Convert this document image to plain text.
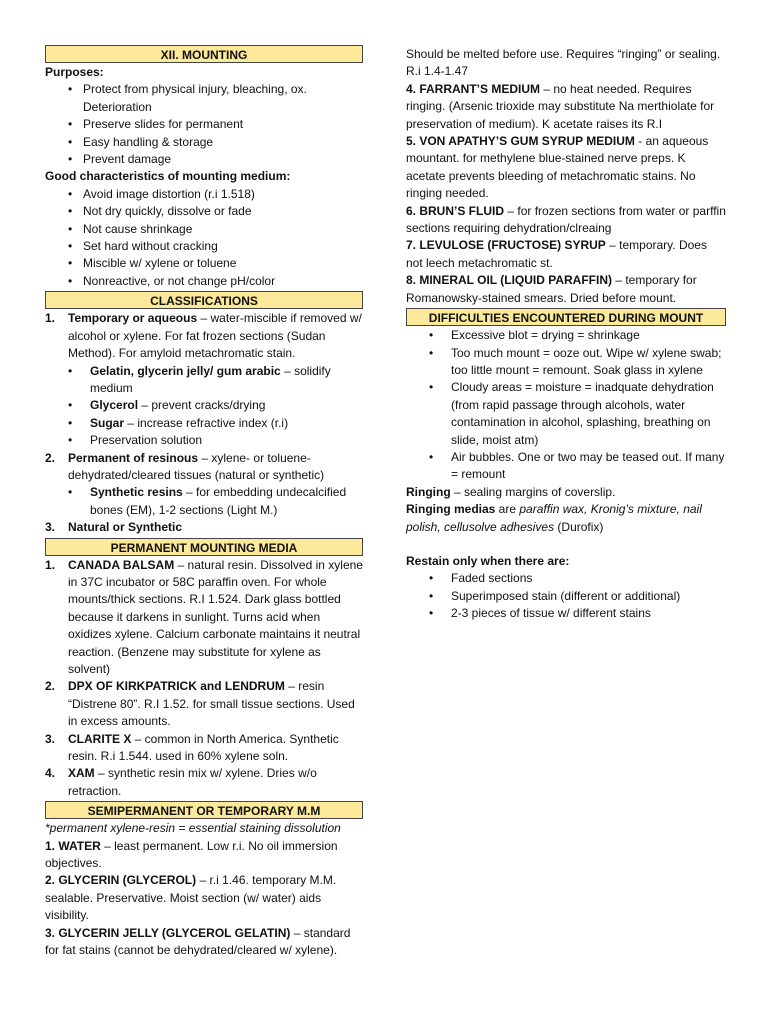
XII. MOUNTING

Purposes:

• Protect from physical injury, bleaching, ox. Deterioration
• Preserve slides for permanent
• Easy handling & storage
• Prevent damage

Good characteristics of mounting medium:

• Avoid image distortion (r.i 1.518)
• Not dry quickly, dissolve or fade
• Not cause shrinkage
• Set hard without cracking
• Miscible w/ xylene or toluene
• Nonreactive, or not change pH/color
CLASSIFICATIONS
1. Temporary or aqueous – water-miscible if removed w/ alcohol or xylene. For fat frozen sections (Sudan Method). For amyloid metachromatic stain.
• Gelatin, glycerin jelly/ gum arabic – solidify medium
• Glycerol – prevent cracks/drying
• Sugar – increase refractive index (r.i)
• Preservation solution
2. Permanent of resinous – xylene- or toluene-dehydrated/cleared tissues (natural or synthetic)
• Synthetic resins – for embedding undecalcified bones (EM), 1-2 sections (Light M.)
3. Natural or Synthetic
PERMANENT MOUNTING MEDIA
1. CANADA BALSAM – natural resin. Dissolved in xylene in 37C incubator or 58C paraffin oven. For whole mounts/thick sections. R.I 1.524. Dark glass bottled because it darkens in sunlight. Turns acid when oxidizes xylene. Calcium carbonate maintains it neutral reaction. (Benzene may substitute for xylene as solvent)
2. DPX OF KIRKPATRICK and LENDRUM – resin “Distrene 80”. R.I 1.52. for small tissue sections. Used in excess amounts.
3. CLARITE X – common in North America. Synthetic resin. R.i 1.544. used in 60% xylene soln.
4. XAM – synthetic resin mix w/ xylene. Dries w/o retraction.
SEMIPERMANENT OR TEMPORARY M.M

*permanent xylene-resin = essential staining dissolution

1. WATER – least permanent. Low r.i. No oil immersion objectives.

2. GLYCERIN (GLYCEROL) – r.i 1.46. temporary M.M. sealable. Preservative. Moist section (w/ water) aids visibility.

3. GLYCERIN JELLY (GLYCEROL GELATIN) – standard for fat stains (cannot be dehydrated/cleared w/ xylene).

Should be melted before use. Requires “ringing” or sealing. R.i 1.4-1.47

4. FARRANT’S MEDIUM – no heat needed. Requires ringing. (Arsenic trioxide may substitute Na merthiolate for preservation of medium). K acetate raises its R.I

5. VON APATHY’S GUM SYRUP MEDIUM - an aqueous mountant. for methylene blue-stained nerve preps. K acetate prevents bleeding of metachromatic stains. No ringing needed.

6. BRUN’S FLUID – for frozen sections from water or parffin sections requiring dehydration/clreaing

7. LEVULOSE (FRUCTOSE) SYRUP – temporary. Does not leech metachromatic st.

8. MINERAL OIL (LIQUID PARAFFIN) – temporary for Romanowsky-stained smears. Dried before mount.

DIFFICULTIES ENCOUNTERED DURING MOUNT
• Excessive blot = drying = shrinkage
• Too much mount = ooze out. Wipe w/ xylene swab; too little mount = remount. Soak glass in xylene
• Cloudy areas = moisture = inadquate dehydration (from rapid passage through alcohols, water contamination in alcohol, splashing, breathing on slide, moist atm)
• Air bubbles. One or two may be teased out. If many = remount

Ringing – sealing margins of coverslip.

Ringing medias are paraffin wax, Kronig’s mixture, nail polish, cellusolve adhesives (Durofix)

Restain only when there are:

• Faded sections
• Superimposed stain (different or additional)
• 2-3 pieces of tissue w/ different stains
